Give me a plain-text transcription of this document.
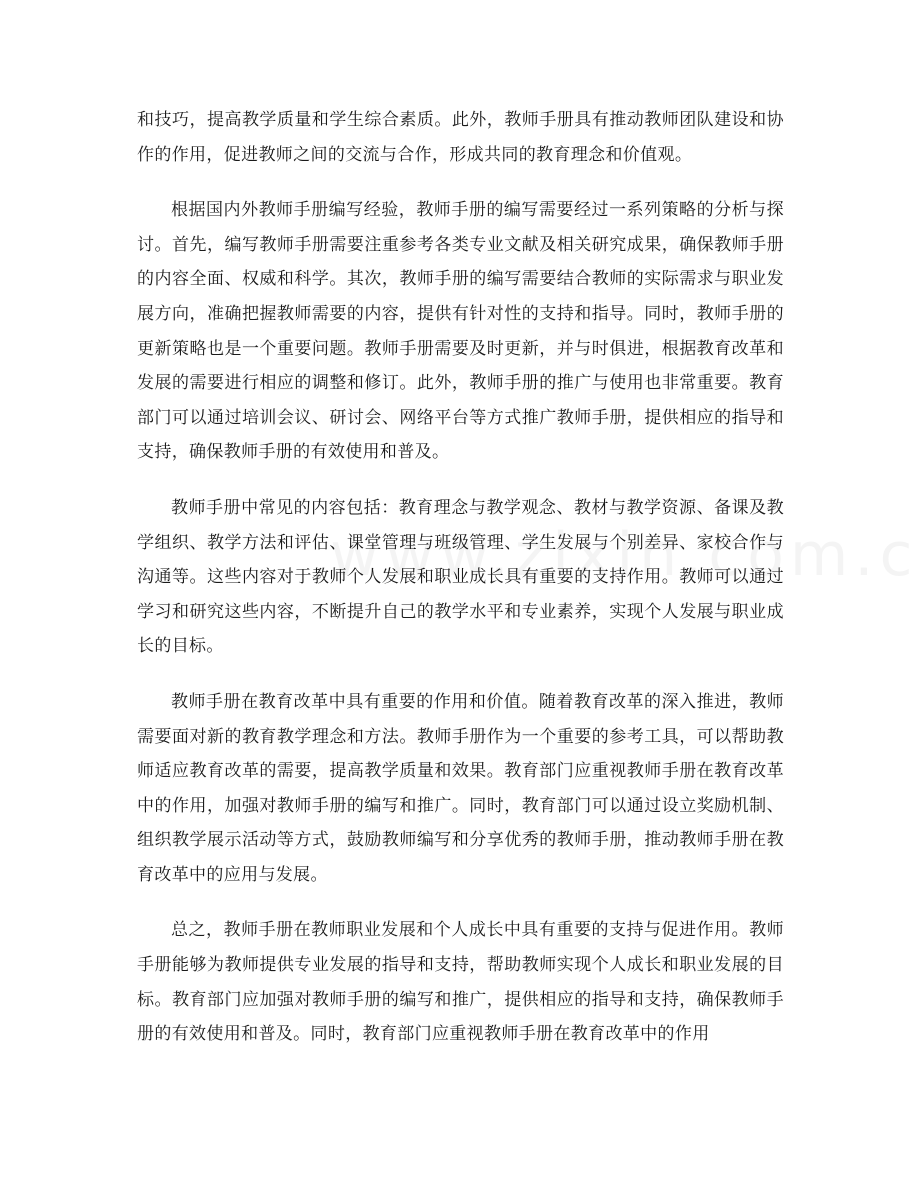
和技巧，提高教学质量和学生综合素质。此外，教师手册具有推动教师团队建设和协作的作用，促进教师之间的交流与合作，形成共同的教育理念和价值观。

根据国内外教师手册编写经验，教师手册的编写需要经过一系列策略的分析与探讨。首先，编写教师手册需要注重参考各类专业文献及相关研究成果，确保教师手册的内容全面、权威和科学。其次，教师手册的编写需要结合教师的实际需求与职业发展方向，准确把握教师需要的内容，提供有针对性的支持和指导。同时，教师手册的更新策略也是一个重要问题。教师手册需要及时更新，并与时俱进，根据教育改革和发展的需要进行相应的调整和修订。此外，教师手册的推广与使用也非常重要。教育部门可以通过培训会议、研讨会、网络平台等方式推广教师手册，提供相应的指导和支持，确保教师手册的有效使用和普及。

教师手册中常见的内容包括：教育理念与教学观念、教材与教学资源、备课及教学组织、教学方法和评估、课堂管理与班级管理、学生发展与个别差异、家校合作与沟通等。这些内容对于教师个人发展和职业成长具有重要的支持作用。教师可以通过学习和研究这些内容，不断提升自己的教学水平和专业素养，实现个人发展与职业成长的目标。

教师手册在教育改革中具有重要的作用和价值。随着教育改革的深入推进，教师需要面对新的教育教学理念和方法。教师手册作为一个重要的参考工具，可以帮助教师适应教育改革的需要，提高教学质量和效果。教育部门应重视教师手册在教育改革中的作用，加强对教师手册的编写和推广。同时，教育部门可以通过设立奖励机制、组织教学展示活动等方式，鼓励教师编写和分享优秀的教师手册，推动教师手册在教育改革中的应用与发展。

总之，教师手册在教师职业发展和个人成长中具有重要的支持与促进作用。教师手册能够为教师提供专业发展的指导和支持，帮助教师实现个人成长和职业发展的目标。教育部门应加强对教师手册的编写和推广，提供相应的指导和支持，确保教师手册的有效使用和普及。同时，教育部门应重视教师手册在教育改革中的作用
